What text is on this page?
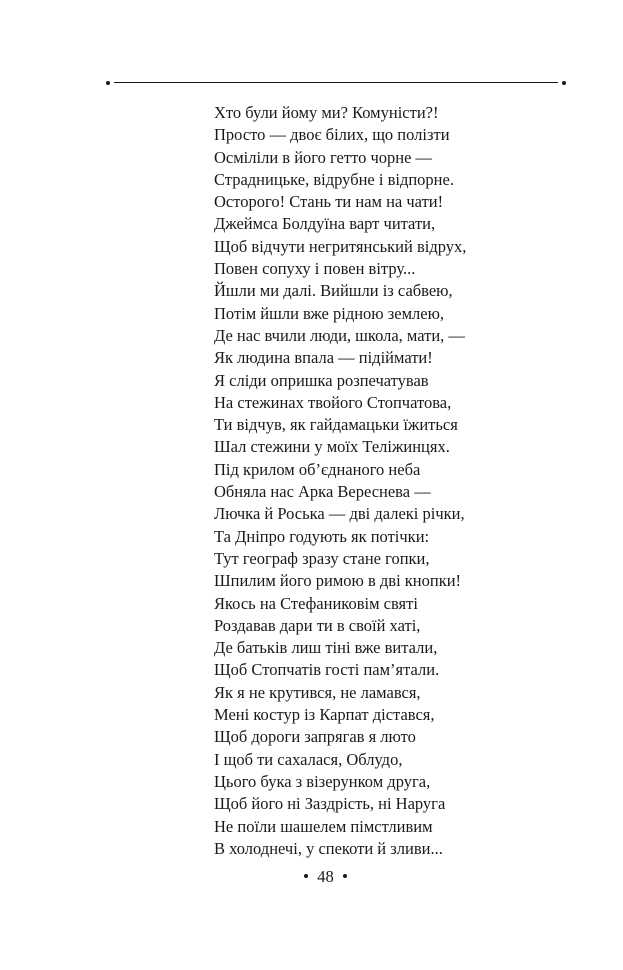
Хто були йому ми? Комуністи?!
Просто — двоє білих, що полізти
Осміліли в його гетто чорне —
Страдницьке, відрубне і відпорне.
Осторого! Стань ти нам на чати!
Джеймса Болдуїна варт читати,
Щоб відчути негритянський відрух,
Повен сопуху і повен вітру...
Йшли ми далі. Вийшли із сабвею,
Потім йшли вже рідною землею,
Де нас вчили люди, школа, мати, —
Як людина впала — підіймати!
Я сліди опришка розпечатував
На стежинах твойого Стопчатова,
Ти відчув, як гайдамацьки їжиться
Шал стежини у моїх Теліжинцях.
Під крилом об’єднаного неба
Обняла нас Арка Вереснева —
Лючка й Роська — дві далекі річки,
Та Дніпро годують як потічки:
Тут географ зразу стане гопки,
Шпилим його римою в дві кнопки!
Якось на Стефаниковім святі
Роздавав дари ти в своїй хаті,
Де батьків лиш тіні вже витали,
Щоб Стопчатів гості пам’ятали.
Як я не крутився, не ламався,
Мені костур із Карпат дістався,
Щоб дороги запрягав я люто
І щоб ти сахалася, Облудо,
Цього бука з візерунком друга,
Щоб його ні Заздрість, ні Наруга
Не поїли шашелем пімстливим
В холоднечі, у спекоти й зливи...
48
